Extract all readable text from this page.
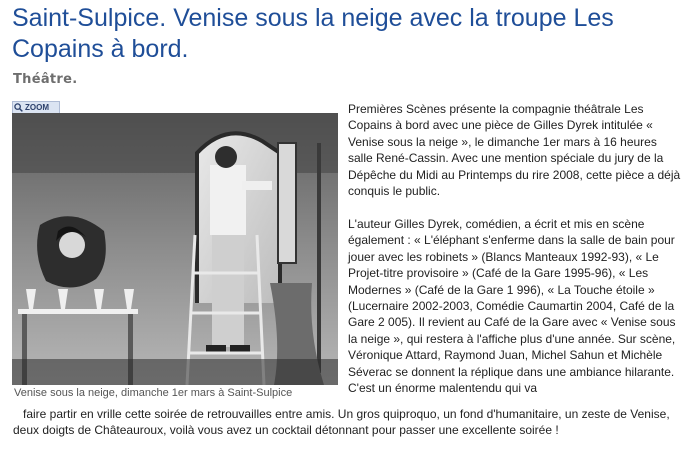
Saint-Sulpice. Venise sous la neige avec la troupe Les Copains à bord.
Théâtre.
ZOOM
Venise sous la neige, dimanche 1er mars à Saint-Sulpice

Premières Scènes présente la compagnie théâtrale Les Copains à bord avec une pièce de Gilles Dyrek intitulée « Venise sous la neige », le dimanche 1er mars à 16 heures salle René-Cassin. Avec une mention spéciale du jury de la Dépêche du Midi au Printemps du rire 2008, cette pièce a déjà conquis le public.

L'auteur Gilles Dyrek, comédien, a écrit et mis en scène également : « L'éléphant s'enferme dans la salle de bain pour jouer avec les robinets » (Blancs Manteaux 1992-93), « Le Projet-titre provisoire » (Café de la Gare 1995-96), « Les Modernes » (Café de la Gare 1 996), « La Touche étoile » (Lucernaire 2002-2003, Comédie Caumartin 2004, Café de la Gare 2 005). Il revient au Café de la Gare avec « Venise sous la neige », qui restera à l'affiche plus d'une année. Sur scène, Véronique Attard, Raymond Juan, Michel Sahun et Michèle Séverac se donnent la réplique dans une ambiance hilarante. C'est un énorme malentendu qui va

faire partir en vrille cette soirée de retrouvailles entre amis. Un gros quiproquo, un fond d'humanitaire, un zeste de Venise, deux doigts de Châteauroux, voilà vous avez un cocktail détonnant pour passer une excellente soirée !
